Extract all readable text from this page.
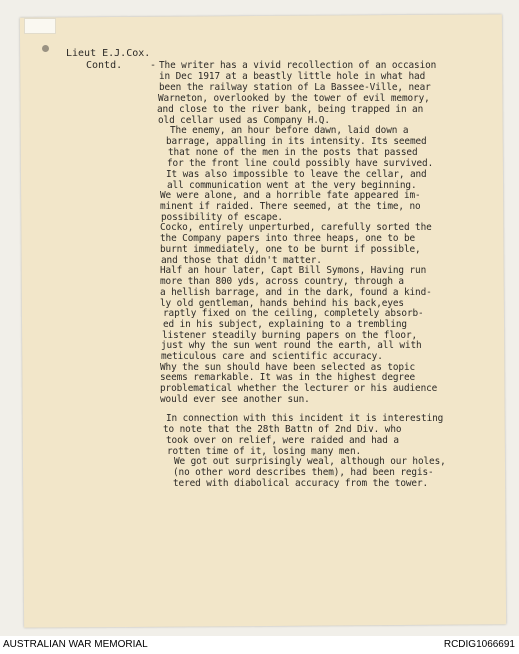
Lieut E.J.Cox.
Contd.	- The writer has a vivid recollection of an occasion
in Dec 1917 at a beastly little hole in what had
been the railway station of La Bassee-Ville, near
Warneton, overlooked by the tower of evil memory,
and close to the river bank, being trapped in an
old cellar used as Company H.Q.
The enemy, an hour before dawn, laid down a
barrage, appalling in its intensity. Its seemed
that none of the men in the posts that passed
for the front line could possibly have survived.
It was also impossible to leave the cellar, and
all communication went at the very beginning.
We were alone, and a horrible fate appeared im-
minent if raided. There seemed, at the time, no
possibility of escape.
Cocko, entirely unperturbed, carefully sorted the
the Company papers into three heaps, one to be
burnt immediately, one to be burnt if possible,
and those that didn't matter.
Half an hour later, Capt Bill Symons, Having run
more than 800 yds, across country, through a
a hellish barrage, and in the dark, found a kind-
ly old gentleman, hands behind his back,eyes
raptly fixed on the ceiling, completely absorb-
ed in his subject, explaining to a trembling
listener steadily burning papers on the floor,
just why the sun went round the earth, all with
meticulous care and scientific accuracy.
Why the sun should have been selected as topic
seems remarkable. It was in the highest degree
problematical whether the lecturer or his audience
would ever see another sun.
In connection with this incident it is interesting
to note that the 28th Battn of 2nd Div. who
took over on relief, were raided and had a
rotten time of it, losing many men.
We got out surprisingly weal, although our holes,
(no other word describes them), had been regis-
tered with diabolical accuracy from the tower.
AUSTRALIAN WAR MEMORIAL	RCDIG1066691
